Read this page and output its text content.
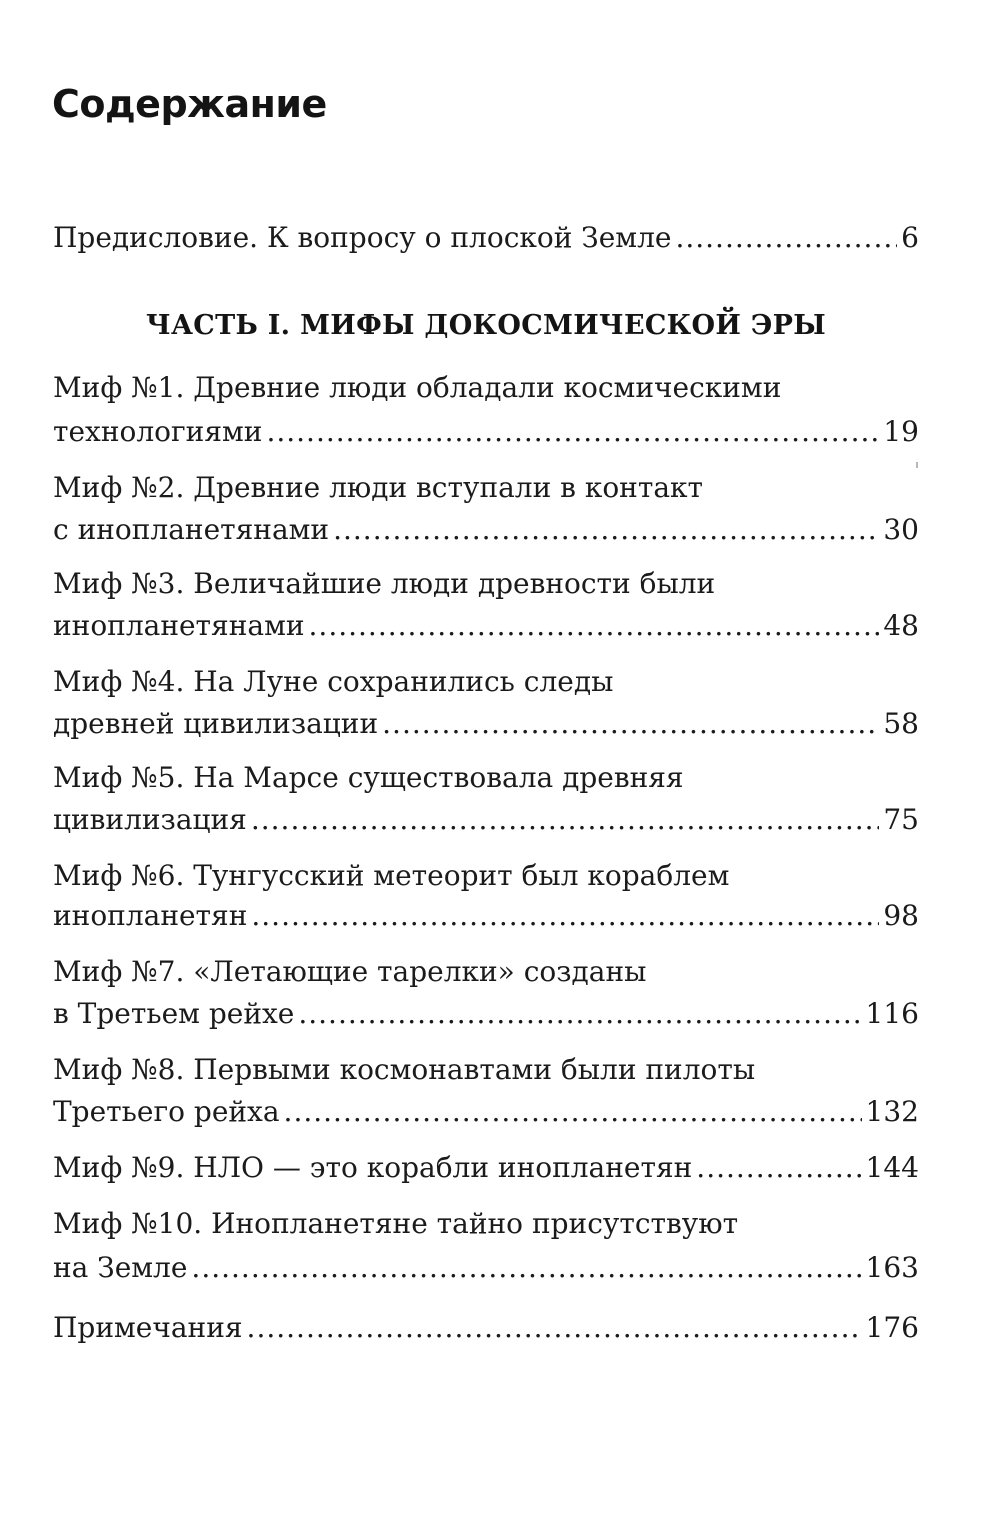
Содержание
Предисловие. К вопросу о плоской Земле .....	6
ЧАСТЬ I. МИФЫ ДОКОСМИЧЕСКОЙ ЭРЫ
Миф №1. Древние люди обладали космическими
технологиями .....	19
Миф №2. Древние люди вступали в контакт
с инопланетянами .....	30
Миф №3. Величайшие люди древности были
инопланетянами .....	48
Миф №4. На Луне сохранились следы
древней цивилизации .....	58
Миф №5. На Марсе существовала древняя
цивилизация .....	75
Миф №6. Тунгусский метеорит был кораблем
инопланетян .....	98
Миф №7. «Летающие тарелки» созданы
в Третьем рейхе .....	116
Миф №8. Первыми космонавтами были пилоты
Третьего рейха .....	132
Миф №9. НЛО — это корабли инопланетян .....	144
Миф №10. Инопланетяне тайно присутствуют
на Земле .....	163
Примечания .....	176
